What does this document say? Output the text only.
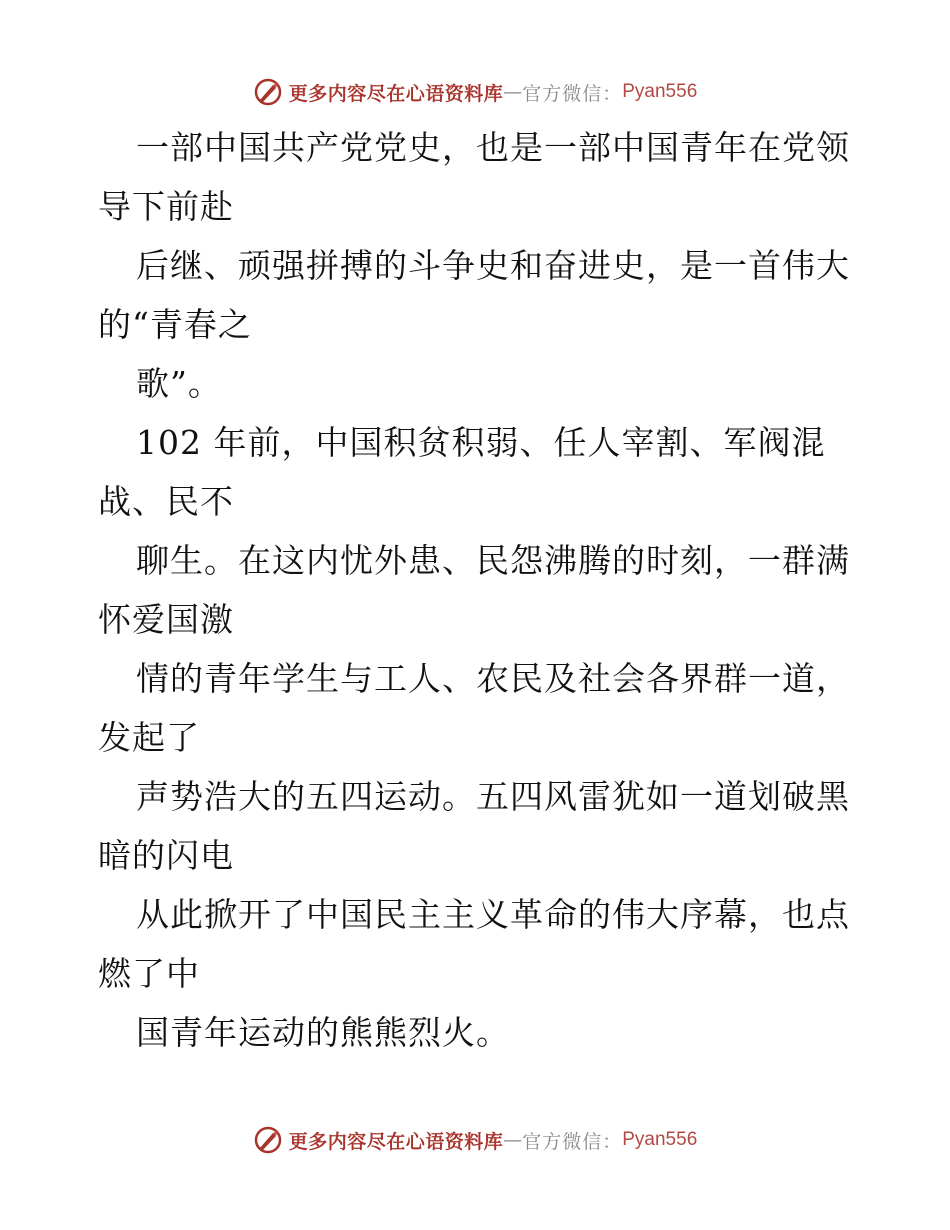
更多内容尽在心语资料库 — 官方微信： Pyan556
一部中国共产党党史，也是一部中国青年在党领
导下前赴
后继、顽强拼搏的斗争史和奋进史，是一首伟大
的“青春之
歌”。
102 年前，中国积贫积弱、任人宰割、军阀混
战、民不
聊生。在这内忧外患、民怨沸腾的时刻，一群满
怀爱国激
情的青年学生与工人、农民及社会各界群一道，
发起了
声势浩大的五四运动。五四风雷犹如一道划破黑
暗的闪电
从此掀开了中国民主主义革命的伟大序幕，也点
燃了中
国青年运动的熊熊烈火。
更多内容尽在心语资料库 — 官方微信： Pyan556
